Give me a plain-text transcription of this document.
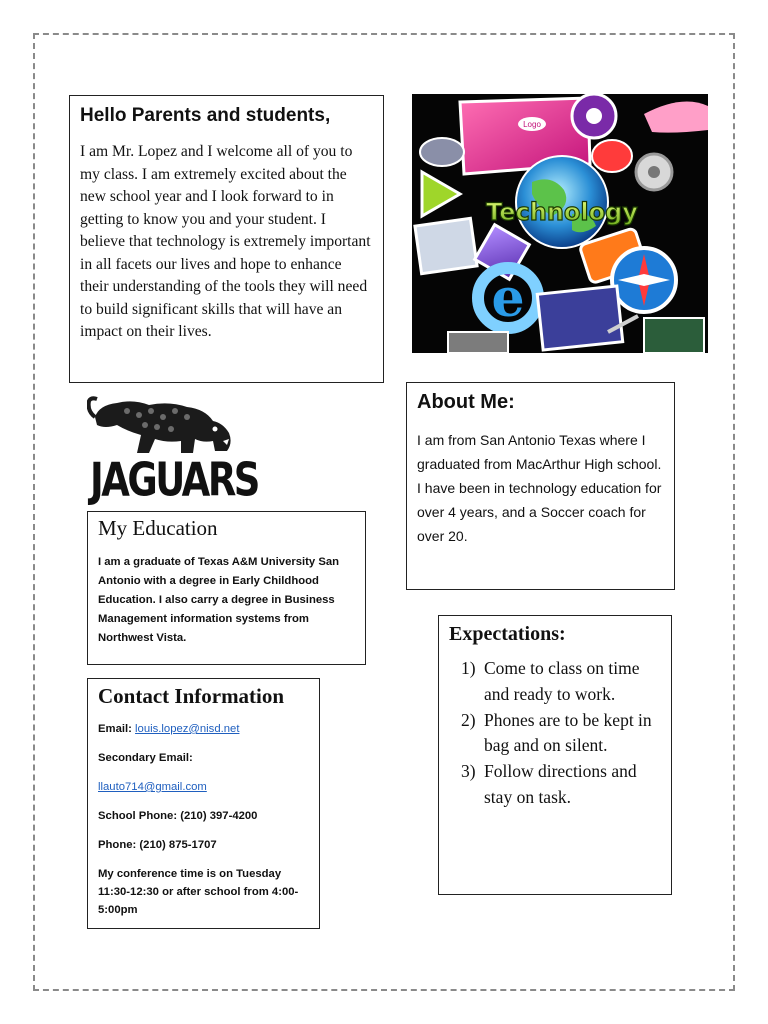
Hello Parents and students,

I am Mr. Lopez and I welcome all of you to my class. I am extremely excited about the new school year and I look forward to in getting to know you and your student. I believe that technology is extremely important in all facets our lives and hope to enhance their understanding of the tools they will need to build significant skills that will have an impact on their lives.

Logo
Technology
e
About Me:

I am from San Antonio Texas where I graduated from MacArthur High school. I have been in technology education for over 4 years, and a Soccer coach for over 20.

JAGUARS
My Education

I am a graduate of Texas A&M University San Antonio with a degree in Early Childhood Education. I also carry a degree in Business Management information systems from Northwest Vista.

Contact Information
Email: louis.lopez@nisd.net
Secondary Email:
llauto714@gmail.com
School Phone: (210) 397-4200
Phone: (210) 875-1707
My conference time is on Tuesday 11:30-12:30 or after school from 4:00-5:00pm
Expectations:
1) Come to class on time and ready to work.
2) Phones are to be kept in bag and on silent.
3) Follow directions and stay on task.
